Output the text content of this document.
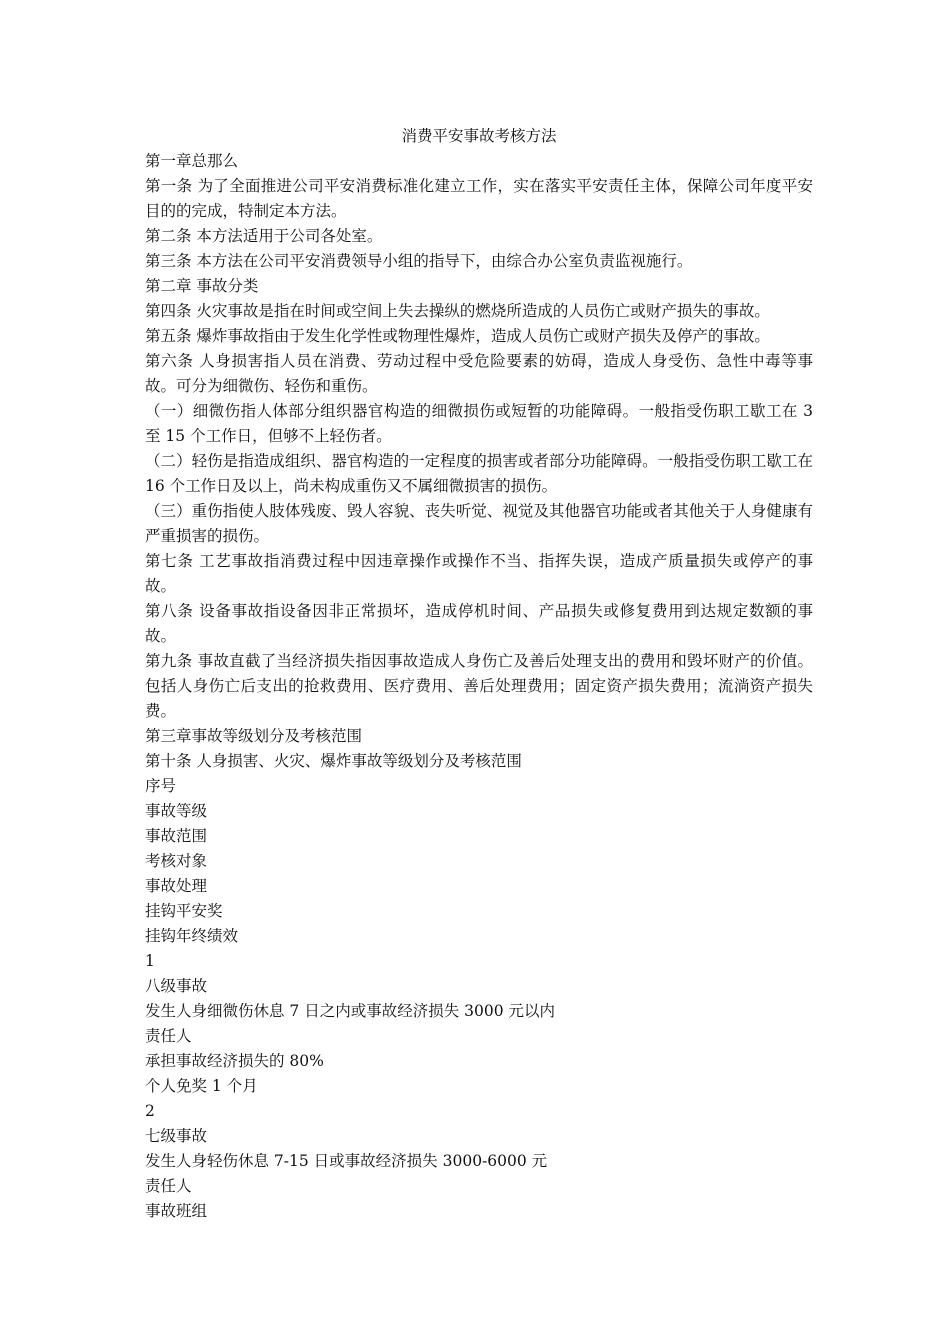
消费平安事故考核方法

第一章总那么

第一条 为了全面推进公司平安消费标准化建立工作，实在落实平安责任主体，保障公司年度平安目的的完成，特制定本方法。

第二条 本方法适用于公司各处室。

第三条 本方法在公司平安消费领导小组的指导下，由综合办公室负责监视施行。

第二章 事故分类

第四条 火灾事故是指在时间或空间上失去操纵的燃烧所造成的人员伤亡或财产损失的事故。

第五条 爆炸事故指由于发生化学性或物理性爆炸，造成人员伤亡或财产损失及停产的事故。

第六条 人身损害指人员在消费、劳动过程中受危险要素的妨碍，造成人身受伤、急性中毒等事故。可分为细微伤、轻伤和重伤。

（一）细微伤指人体部分组织器官构造的细微损伤或短暂的功能障碍。一般指受伤职工歇工在 3 至 15 个工作日，但够不上轻伤者。

（二）轻伤是指造成组织、器官构造的一定程度的损害或者部分功能障碍。一般指受伤职工歇工在 16 个工作日及以上，尚未构成重伤又不属细微损害的损伤。

（三）重伤指使人肢体残废、毁人容貌、丧失听觉、视觉及其他器官功能或者其他关于人身健康有严重损害的损伤。

第七条 工艺事故指消费过程中因违章操作或操作不当、指挥失误，造成产质量损失或停产的事故。

第八条 设备事故指设备因非正常损坏，造成停机时间、产品损失或修复费用到达规定数额的事故。

第九条 事故直截了当经济损失指因事故造成人身伤亡及善后处理支出的费用和毁坏财产的价值。包括人身伤亡后支出的抢救费用、医疗费用、善后处理费用；固定资产损失费用；流淌资产损失费。

第三章事故等级划分及考核范围

第十条 人身损害、火灾、爆炸事故等级划分及考核范围

序号

事故等级

事故范围

考核对象

事故处理

挂钩平安奖

挂钩年终绩效

1

八级事故

发生人身细微伤休息 7 日之内或事故经济损失 3000 元以内

责任人

承担事故经济损失的 80%

个人免奖 1 个月

2

七级事故

发生人身轻伤休息 7-15 日或事故经济损失 3000-6000 元

责任人

事故班组
